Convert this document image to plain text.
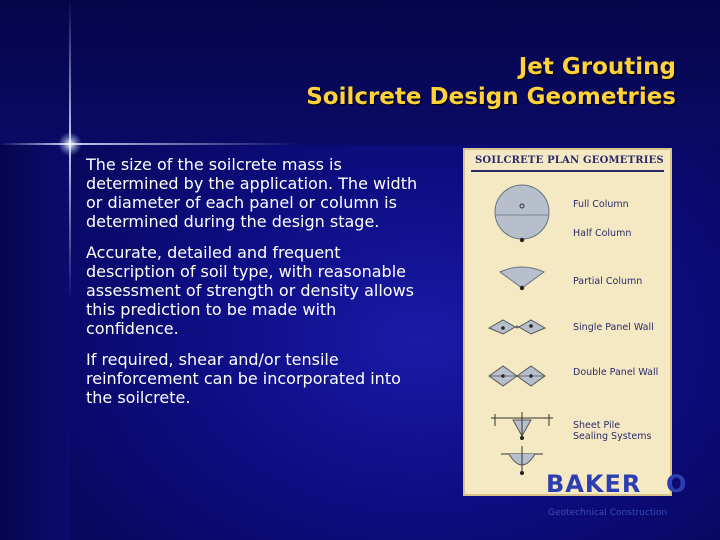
Jet Grouting
Soilcrete Design Geometries

The size of the soilcrete mass is determined by the application. The width or diameter of each panel or column is determined during the design stage.

Accurate, detailed and frequent description of soil type, with reasonable assessment of strength or density allows this prediction to be made with confidence.

If required, shear and/or tensile reinforcement can be incorporated into the soilcrete.

SOILCRETE PLAN GEOMETRIES
Full Column
Half Column
Partial Column
Single Panel Wall
Double Panel Wall
Sheet Pile
Sealing Systems
BAKER O
Geotechnical Construction
